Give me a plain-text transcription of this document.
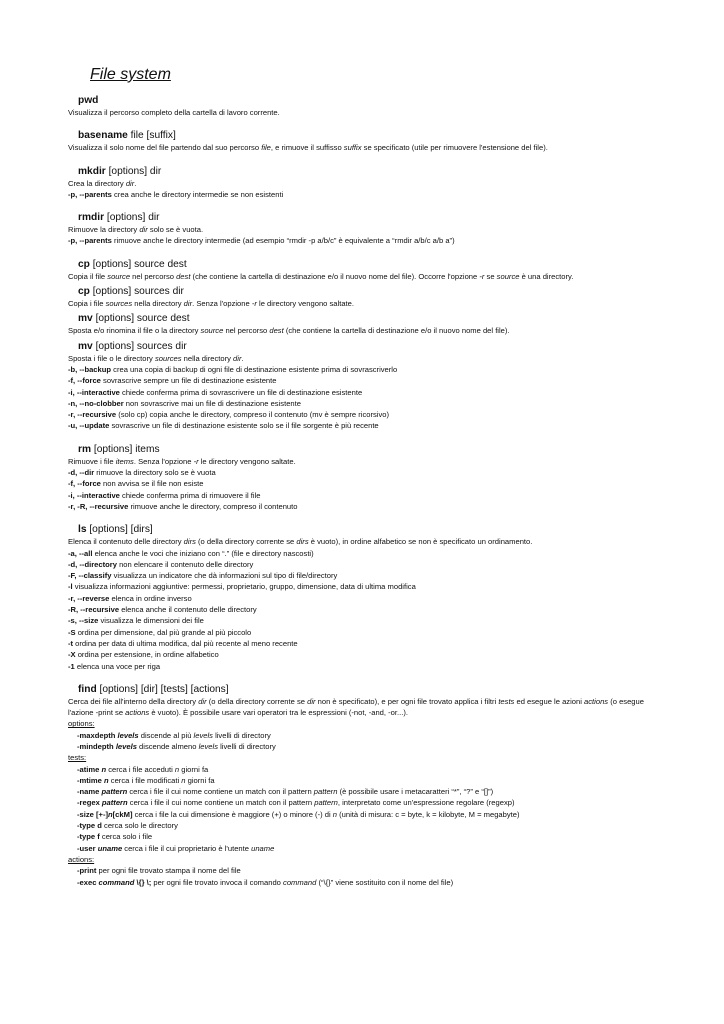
File system
pwd
Visualizza il percorso completo della cartella di lavoro corrente.
basename file [suffix]
Visualizza il solo nome del file partendo dal suo percorso file, e rimuove il suffisso suffix se specificato (utile per rimuovere l'estensione del file).
mkdir [options] dir
Crea la directory dir.
-p, --parents crea anche le directory intermedie se non esistenti
rmdir [options] dir
Rimuove la directory dir solo se è vuota.
-p, --parents rimuove anche le directory intermedie (ad esempio “rmdir -p a/b/c” è equivalente a “rmdir a/b/c a/b a”)
cp [options] source dest
Copia il file source nel percorso dest (che contiene la cartella di destinazione e/o il nuovo nome del file). Occorre l'opzione -r se source è una directory.
cp [options] sources dir
Copia i file sources nella directory dir. Senza l'opzione -r le directory vengono saltate.
mv [options] source dest
Sposta e/o rinomina il file o la directory source nel percorso dest (che contiene la cartella di destinazione e/o il nuovo nome del file).
mv [options] sources dir
Sposta i file o le directory sources nella directory dir.
-b, --backup crea una copia di backup di ogni file di destinazione esistente prima di sovrascriverlo
-f, --force sovrascrive sempre un file di destinazione esistente
-i, --interactive chiede conferma prima di sovrascrivere un file di destinazione esistente
-n, --no-clobber non sovrascrive mai un file di destinazione esistente
-r, --recursive (solo cp) copia anche le directory, compreso il contenuto (mv è sempre ricorsivo)
-u, --update sovrascrive un file di destinazione esistente solo se il file sorgente è più recente
rm [options] items
Rimuove i file items. Senza l'opzione -r le directory vengono saltate.
-d, --dir rimuove la directory solo se è vuota
-f, --force non avvisa se il file non esiste
-i, --interactive chiede conferma prima di rimuovere il file
-r, -R, --recursive rimuove anche le directory, compreso il contenuto
ls [options] [dirs]
Elenca il contenuto delle directory dirs (o della directory corrente se dirs è vuoto), in ordine alfabetico se non è specificato un ordinamento.
-a, --all elenca anche le voci che iniziano con “.” (file e directory nascosti)
-d, --directory non elencare il contenuto delle directory
-F, --classify visualizza un indicatore che dà informazioni sul tipo di file/directory
-l visualizza informazioni aggiuntive: permessi, proprietario, gruppo, dimensione, data di ultima modifica
-r, --reverse elenca in ordine inverso
-R, --recursive elenca anche il contenuto delle directory
-s, --size visualizza le dimensioni dei file
-S ordina per dimensione, dal più grande al più piccolo
-t ordina per data di ultima modifica, dal più recente al meno recente
-X ordina per estensione, in ordine alfabetico
-1 elenca una voce per riga
find [options] [dir] [tests] [actions]
Cerca dei file all'interno della directory dir (o della directory corrente se dir non è specificato), e per ogni file trovato applica i filtri tests ed esegue le azioni actions (o esegue l'azione -print se actions è vuoto). È possibile usare vari operatori tra le espressioni (-not, -and, -or...).
options:
-maxdepth levels discende al più levels livelli di directory
-mindepth levels discende almeno levels livelli di directory
tests:
-atime n cerca i file acceduti n giorni fa
-mtime n cerca i file modificati n giorni fa
-name pattern cerca i file il cui nome contiene un match con il pattern pattern (è possibile usare i metacaratteri “*”, “?” e “[]”)
-regex pattern cerca i file il cui nome contiene un match con il pattern pattern, interpretato come un'espressione regolare (regexp)
-size [+-]n[ckM] cerca i file la cui dimensione è maggiore (+) o minore (-) di n (unità di misura: c = byte, k = kilobyte, M = megabyte)
-type d cerca solo le directory
-type f cerca solo i file
-user uname cerca i file il cui proprietario è l'utente uname
actions:
-print per ogni file trovato stampa il nome del file
-exec command \{} \; per ogni file trovato invoca il comando command (“\{}” viene sostituito con il nome del file)
